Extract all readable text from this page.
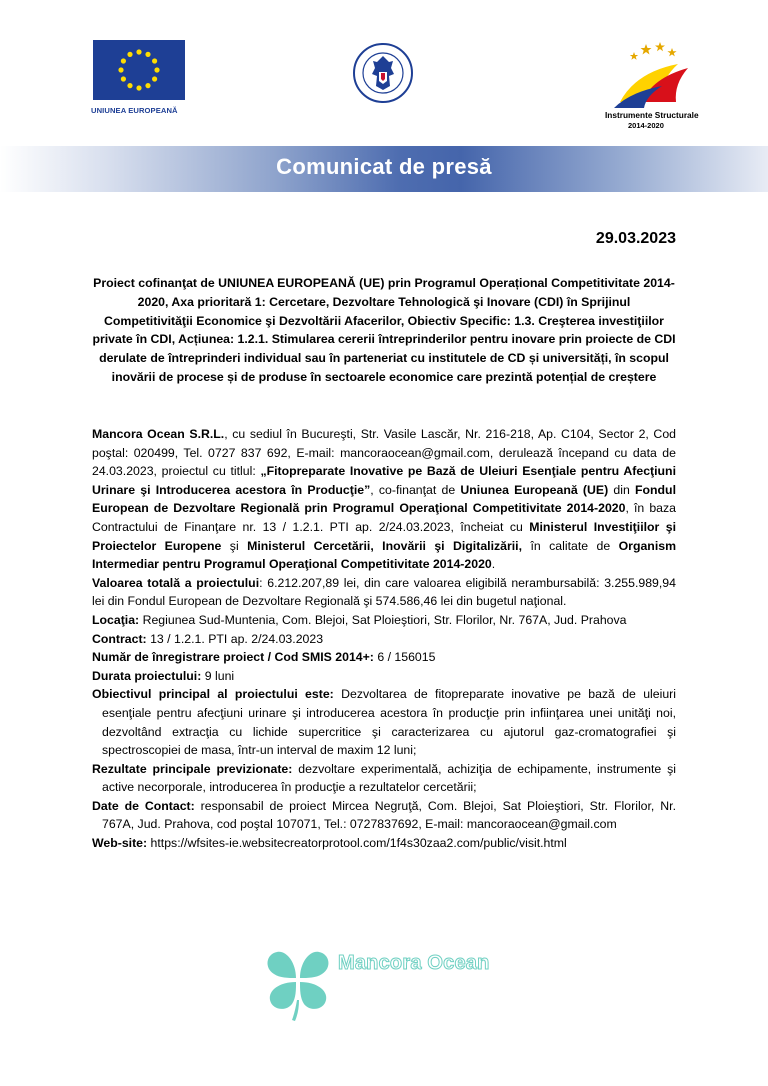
UNIUNEA EUROPEANĂ	Instrumente Structurale
2014-2020
Comunicat de presă
29.03.2023
Proiect cofinanţat de UNIUNEA EUROPEANĂ (UE) prin Programul Operațional Competitivitate 2014-2020, Axa prioritară 1: Cercetare, Dezvoltare Tehnologică şi Inovare (CDI) în Sprijinul Competitivităţii Economice şi Dezvoltării Afacerilor, Obiectiv Specific: 1.3. Creşterea investiţiilor private în CDI, Acțiunea: 1.2.1. Stimularea cererii întreprinderilor pentru inovare prin proiecte de CDI derulate de întreprinderi individual sau în parteneriat cu institutele de CD și universități, în scopul inovării de procese și de produse în sectoarele economice care prezintă potențial de creștere

Mancora Ocean S.R.L., cu sediul în Bucureşti, Str. Vasile Lascăr, Nr. 216-218, Ap. C104, Sector 2, Cod poştal: 020499, Tel. 0727 837 692, E-mail: mancoraocean@gmail.com, derulează începand cu data de 24.03.2023, proiectul cu titlul: „Fitopreparate Inovative pe Bază de Uleiuri Esenţiale pentru Afecţiuni Urinare şi Introducerea acestora în Producţie”, co-finanţat de Uniunea Europeană (UE) din Fondul European de Dezvoltare Regională prin Programul Operaţional Competitivitate 2014-2020, în baza Contractului de Finanţare nr. 13 / 1.2.1. PTI ap. 2/24.03.2023, încheiat cu Ministerul Investiţiilor şi Proiectelor Europene şi Ministerul Cercetării, Inovării şi Digitalizării, în calitate de Organism Intermediar pentru Programul Operaţional Competitivitate 2014-2020.

Valoarea totală a proiectului: 6.212.207,89 lei, din care valoarea eligibilă nerambursabilă: 3.255.989,94 lei din Fondul European de Dezvoltare Regională şi 574.586,46 lei din bugetul naţional.

Locaţia: Regiunea Sud-Muntenia, Com. Blejoi, Sat Ploieştiori, Str. Florilor, Nr. 767A, Jud. Prahova

Contract: 13 / 1.2.1. PTI ap. 2/24.03.2023

Număr de înregistrare proiect / Cod SMIS 2014+: 6 / 156015

Durata proiectului: 9 luni

Obiectivul principal al proiectului este: Dezvoltarea de fitopreparate inovative pe bază de uleiuri esenţiale pentru afecţiuni urinare şi introducerea acestora în producţie prin infiinţarea unei unităţi noi, dezvoltând extracţia cu lichide supercritice şi caracterizarea cu ajutorul gaz-cromatografiei şi spectroscopiei de masa, într-un interval de maxim 12 luni;

Rezultate principale previzionate: dezvoltare experimentală, achiziţia de echipamente, instrumente şi active necorporale, introducerea în producţie a rezultatelor cercetării;

Date de Contact: responsabil de proiect Mircea Negruţă, Com. Blejoi, Sat Ploieştiori, Str. Florilor, Nr. 767A, Jud. Prahova, cod poştal 107071, Tel.: 0727837692, E-mail: mancoraocean@gmail.com

Web-site: https://wfsites-ie.websitecreatorprotool.com/1f4s30zaa2.com/public/visit.html

Mancora Ocean
